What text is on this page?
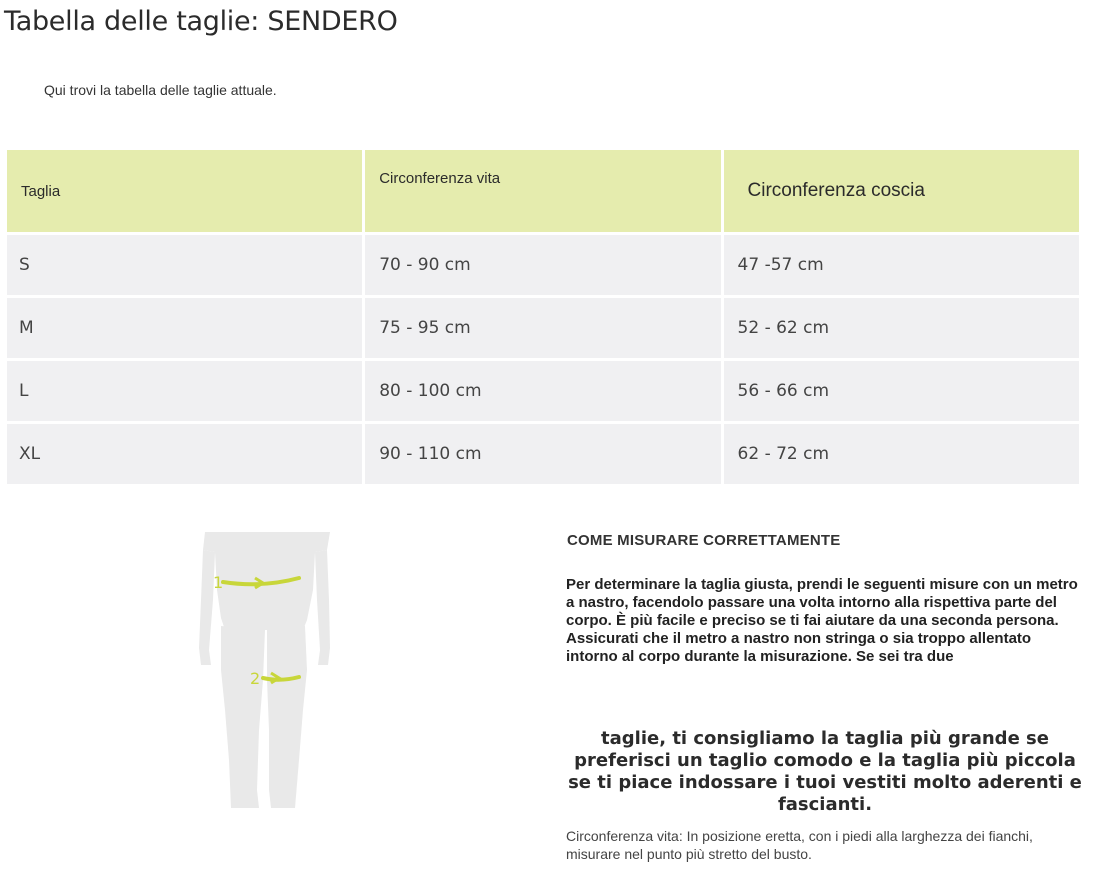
Tabella delle taglie: SENDERO

Qui trovi la tabella delle taglie attuale.

Taglia	Circonferenza vita	Circonferenza coscia
S	70 - 90 cm	47 -57 cm
M	75 - 95 cm	52 - 62 cm
L	80 - 100 cm	56 - 66 cm
XL	90 - 110 cm	62 - 72 cm
1
2
COME MISURARE CORRETTAMENTE

Per determinare la taglia giusta, prendi le seguenti misure con un metro a nastro, facendolo passare una volta intorno alla rispettiva parte del corpo. È più facile e preciso se ti fai aiutare da una seconda persona. Assicurati che il metro a nastro non stringa o sia troppo allentato intorno al corpo durante la misurazione. Se sei tra due

taglie, ti consigliamo la taglia più grande se preferisci un taglio comodo e la taglia più piccola se ti piace indossare i tuoi vestiti molto aderenti e fascianti.

Circonferenza vita: In posizione eretta, con i piedi alla larghezza dei fianchi, misurare nel punto più stretto del busto.
